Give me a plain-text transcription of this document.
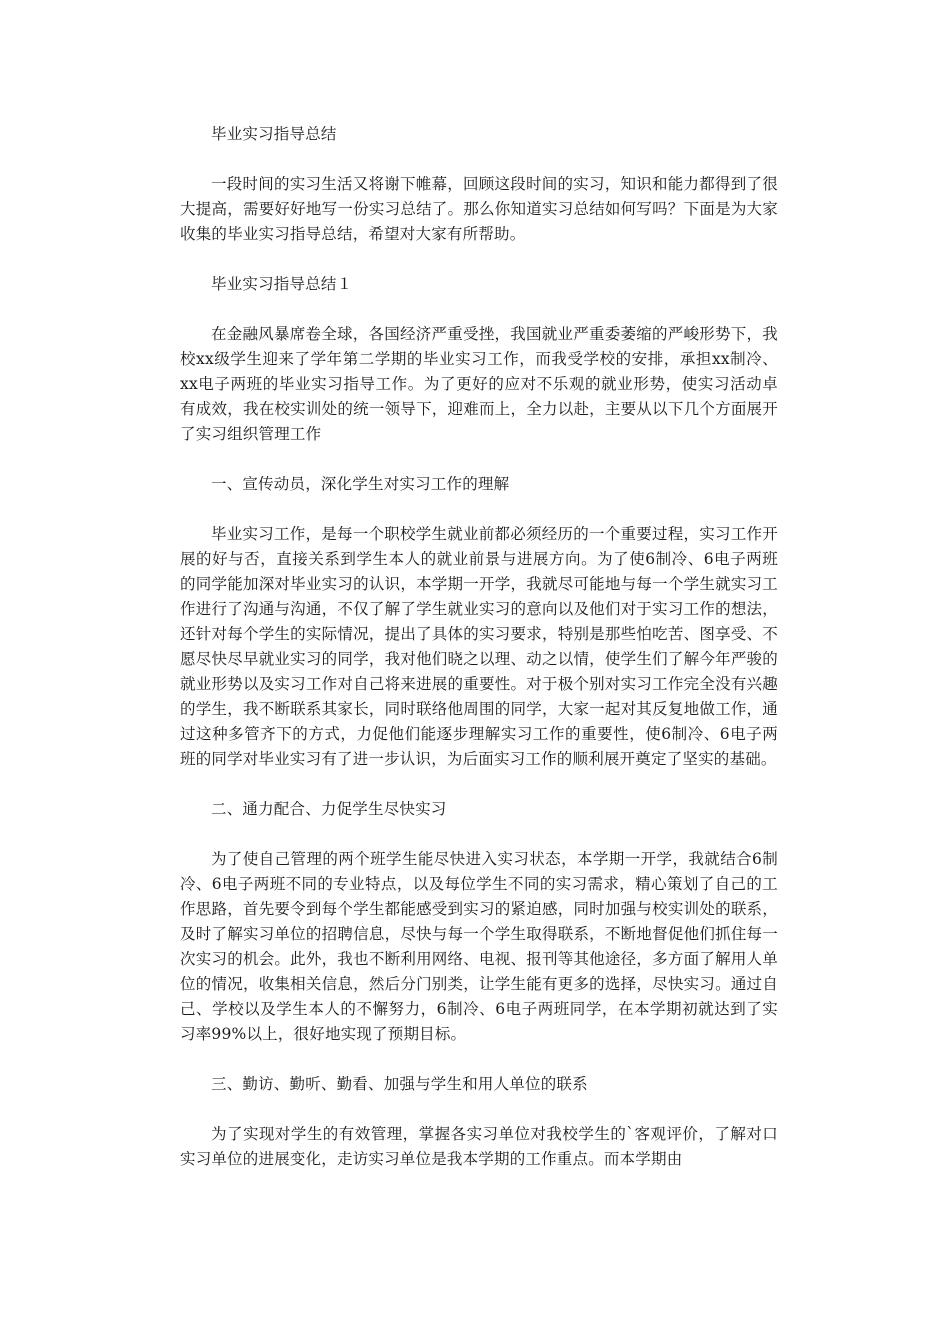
毕业实习指导总结

一段时间的实习生活又将谢下帷幕，回顾这段时间的实习，知识和能力都得到了很大提高，需要好好地写一份实习总结了。那么你知道实习总结如何写吗？下面是为大家收集的毕业实习指导总结，希望对大家有所帮助。

毕业实习指导总结１

在金融风暴席卷全球，各国经济严重受挫，我国就业严重委萎缩的严峻形势下，我校xx级学生迎来了学年第二学期的毕业实习工作，而我受学校的安排，承担xx制冷、xx电子两班的毕业实习指导工作。为了更好的应对不乐观的就业形势，使实习活动卓有成效，我在校实训处的统一领导下，迎难而上，全力以赴，主要从以下几个方面展开了实习组织管理工作

一、宣传动员，深化学生对实习工作的理解

毕业实习工作，是每一个职校学生就业前都必须经历的一个重要过程，实习工作开展的好与否，直接关系到学生本人的就业前景与进展方向。为了使6制冷、6电子两班的同学能加深对毕业实习的认识，本学期一开学，我就尽可能地与每一个学生就实习工作进行了沟通与沟通，不仅了解了学生就业实习的意向以及他们对于实习工作的想法，还针对每个学生的实际情况，提出了具体的实习要求，特别是那些怕吃苦、图享受、不愿尽快尽早就业实习的同学，我对他们晓之以理、动之以情，使学生们了解今年严骏的就业形势以及实习工作对自己将来进展的重要性。对于极个别对实习工作完全没有兴趣的学生，我不断联系其家长，同时联络他周围的同学，大家一起对其反复地做工作，通过这种多管齐下的方式，力促他们能逐步理解实习工作的重要性，使6制冷、6电子两班的同学对毕业实习有了进一步认识，为后面实习工作的顺利展开奠定了坚实的基础。

二、通力配合、力促学生尽快实习

为了使自己管理的两个班学生能尽快进入实习状态，本学期一开学，我就结合6制冷、6电子两班不同的专业特点，以及每位学生不同的实习需求，精心策划了自己的工作思路，首先要令到每个学生都能感受到实习的紧迫感，同时加强与校实训处的联系，及时了解实习单位的招聘信息，尽快与每一个学生取得联系，不断地督促他们抓住每一次实习的机会。此外，我也不断利用网络、电视、报刊等其他途径，多方面了解用人单位的情况，收集相关信息，然后分门别类，让学生能有更多的选择，尽快实习。通过自己、学校以及学生本人的不懈努力，6制冷、6电子两班同学，在本学期初就达到了实习率99%以上，很好地实现了预期目标。

三、勤访、勤听、勤看、加强与学生和用人单位的联系

为了实现对学生的有效管理，掌握各实习单位对我校学生的`客观评价，了解对口实习单位的进展变化，走访实习单位是我本学期的工作重点。而本学期由
